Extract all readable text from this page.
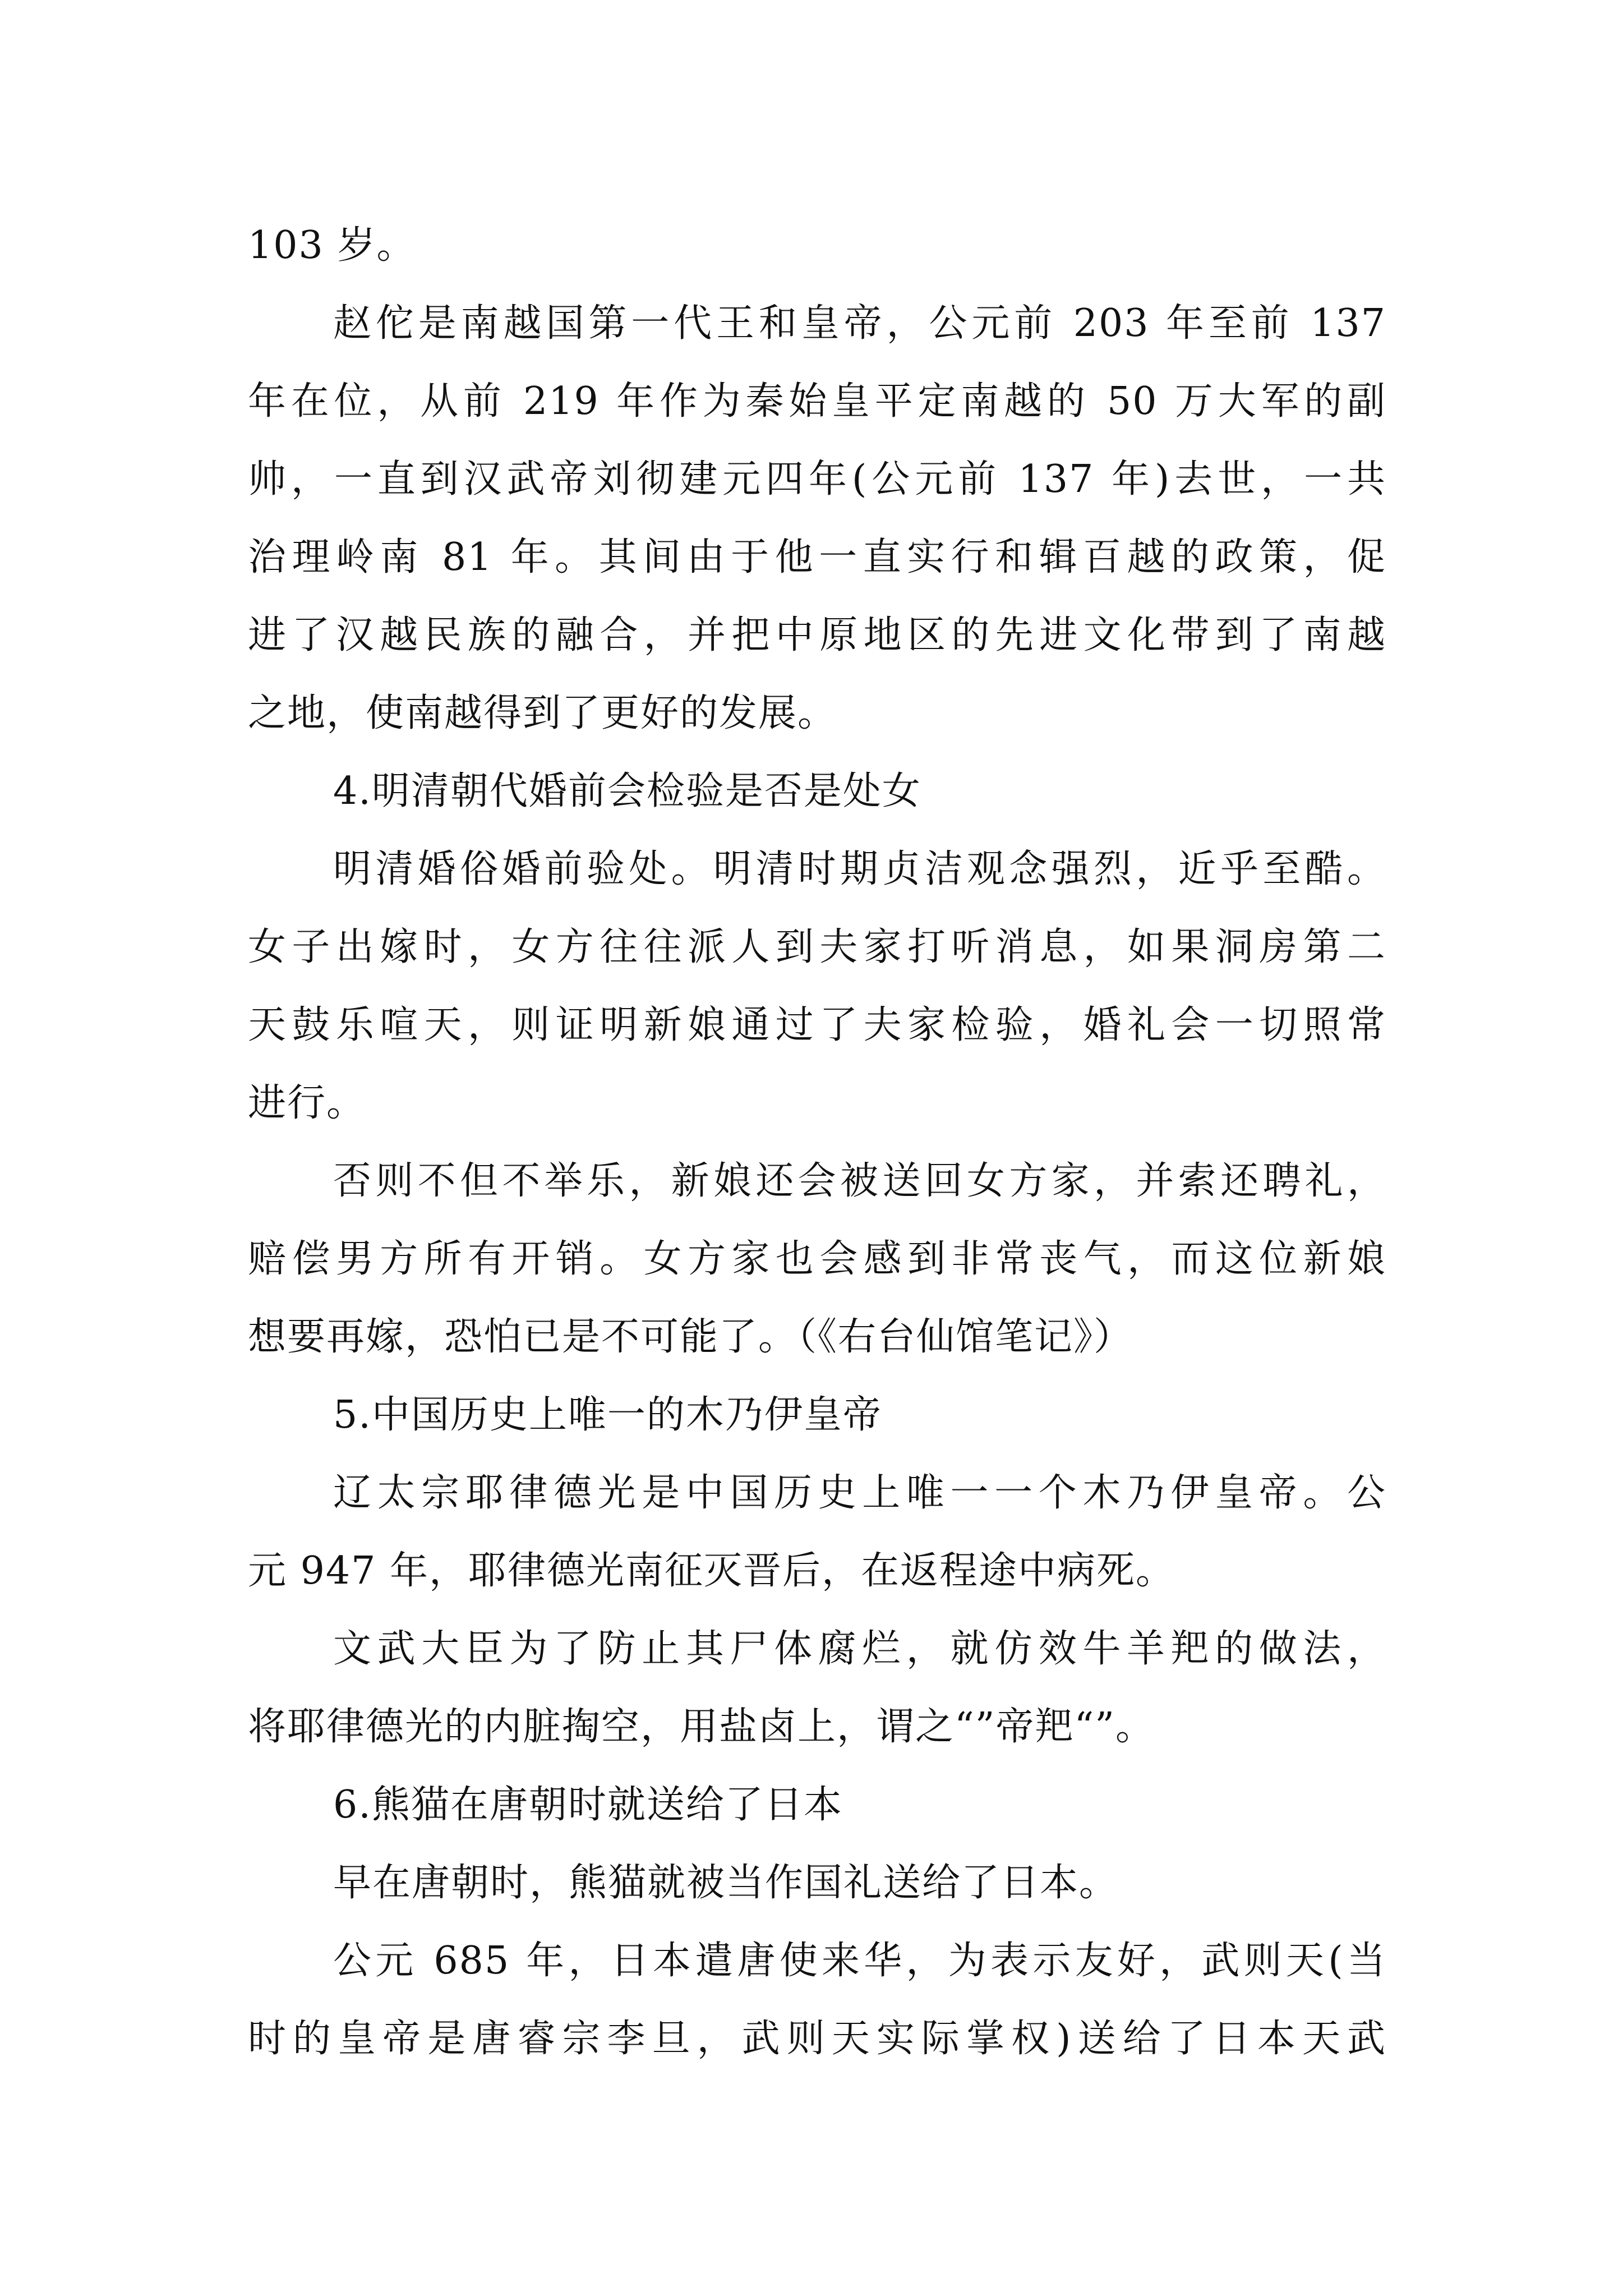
103 岁。
赵佗是南越国第一代王和皇帝，公元前 203 年至前 137
年在位，从前 219 年作为秦始皇平定南越的 50 万大军的副
帅，一直到汉武帝刘彻建元四年(公元前 137 年)去世，一共
治理岭南 81 年。其间由于他一直实行和辑百越的政策，促
进了汉越民族的融合，并把中原地区的先进文化带到了南越
之地，使南越得到了更好的发展。
4.明清朝代婚前会检验是否是处女
明清婚俗婚前验处。明清时期贞洁观念强烈，近乎至酷。
女子出嫁时，女方往往派人到夫家打听消息，如果洞房第二
天鼓乐喧天，则证明新娘通过了夫家检验，婚礼会一切照常
进行。
否则不但不举乐，新娘还会被送回女方家，并索还聘礼，
赔偿男方所有开销。女方家也会感到非常丧气，而这位新娘
想要再嫁，恐怕已是不可能了。（《右台仙馆笔记》）
5.中国历史上唯一的木乃伊皇帝
辽太宗耶律德光是中国历史上唯一一个木乃伊皇帝。公
元 947 年，耶律德光南征灭晋后，在返程途中病死。
文武大臣为了防止其尸体腐烂，就仿效牛羊羓的做法，
将耶律德光的内脏掏空，用盐卤上，谓之“”帝羓“”。
6.熊猫在唐朝时就送给了日本
早在唐朝时，熊猫就被当作国礼送给了日本。
公元 685 年，日本遣唐使来华，为表示友好，武则天(当
时的皇帝是唐睿宗李旦，武则天实际掌权)送给了日本天武
